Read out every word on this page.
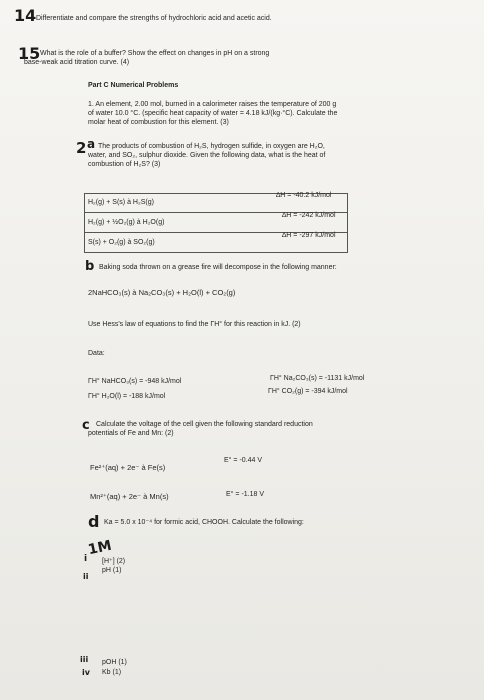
14 Differentiate and compare the strengths of hydrochloric acid and acetic acid.
15 What is the role of a buffer? Show the effect on changes in pH on a strong
base-weak acid titration curve. (4)
Part C Numerical Problems
1. An element, 2.00 mol, burned in a calorimeter raises the temperature of 200 g
of water 10.0 °C. (specific heat capacity of water = 4.18 kJ/(kg·°C). Calculate the
molar heat of combustion for this element. (3)
2 a The products of combustion of H₂S, hydrogen sulfide, in oxygen are H₂O,
water, and SO₂, sulphur dioxide. Given the following data, what is the heat of
combustion of H₂S? (3)
H₂(g) + S(s) à H₂S(g)
∆H = -40.2 kJ/mol
H₂(g) + ½O₂(g) à H₂O(g)
∆H = -242 kJ/mol
S(s) + O₂(g) à SO₂(g)
∆H = -297 kJ/mol
b Baking soda thrown on a grease fire will decompose in the following manner:
2NaHCO₃(s) à Na₂CO₃(s) + H₂O(l) + CO₂(g)
Use Hess's law of equations to find the ΓH° for this reaction in kJ. (2)
Data:
ΓH° NaHCO₃(s) = -948 kJ/mol	ΓH° Na₂CO₃(s) = -1131 kJ/mol
ΓH° H₂O(l) = -188 kJ/mol
ΓH° CO₂(g) = -394 kJ/mol
c Calculate the voltage of the cell given the following standard reduction
potentials of Fe and Mn: (2)
Fe²⁺(aq) + 2e⁻ à Fe(s)
E° = -0.44 V
Mn²⁺(aq) + 2e⁻ à Mn(s)	E° = -1.18 V
d Ka = 5.0 x 10⁻⁴ for formic acid, CHOOH. Calculate the following:
i
1M
[H⁺] (2)
ii
pH (1)
iii pOH (1)
iv Kb (1)
